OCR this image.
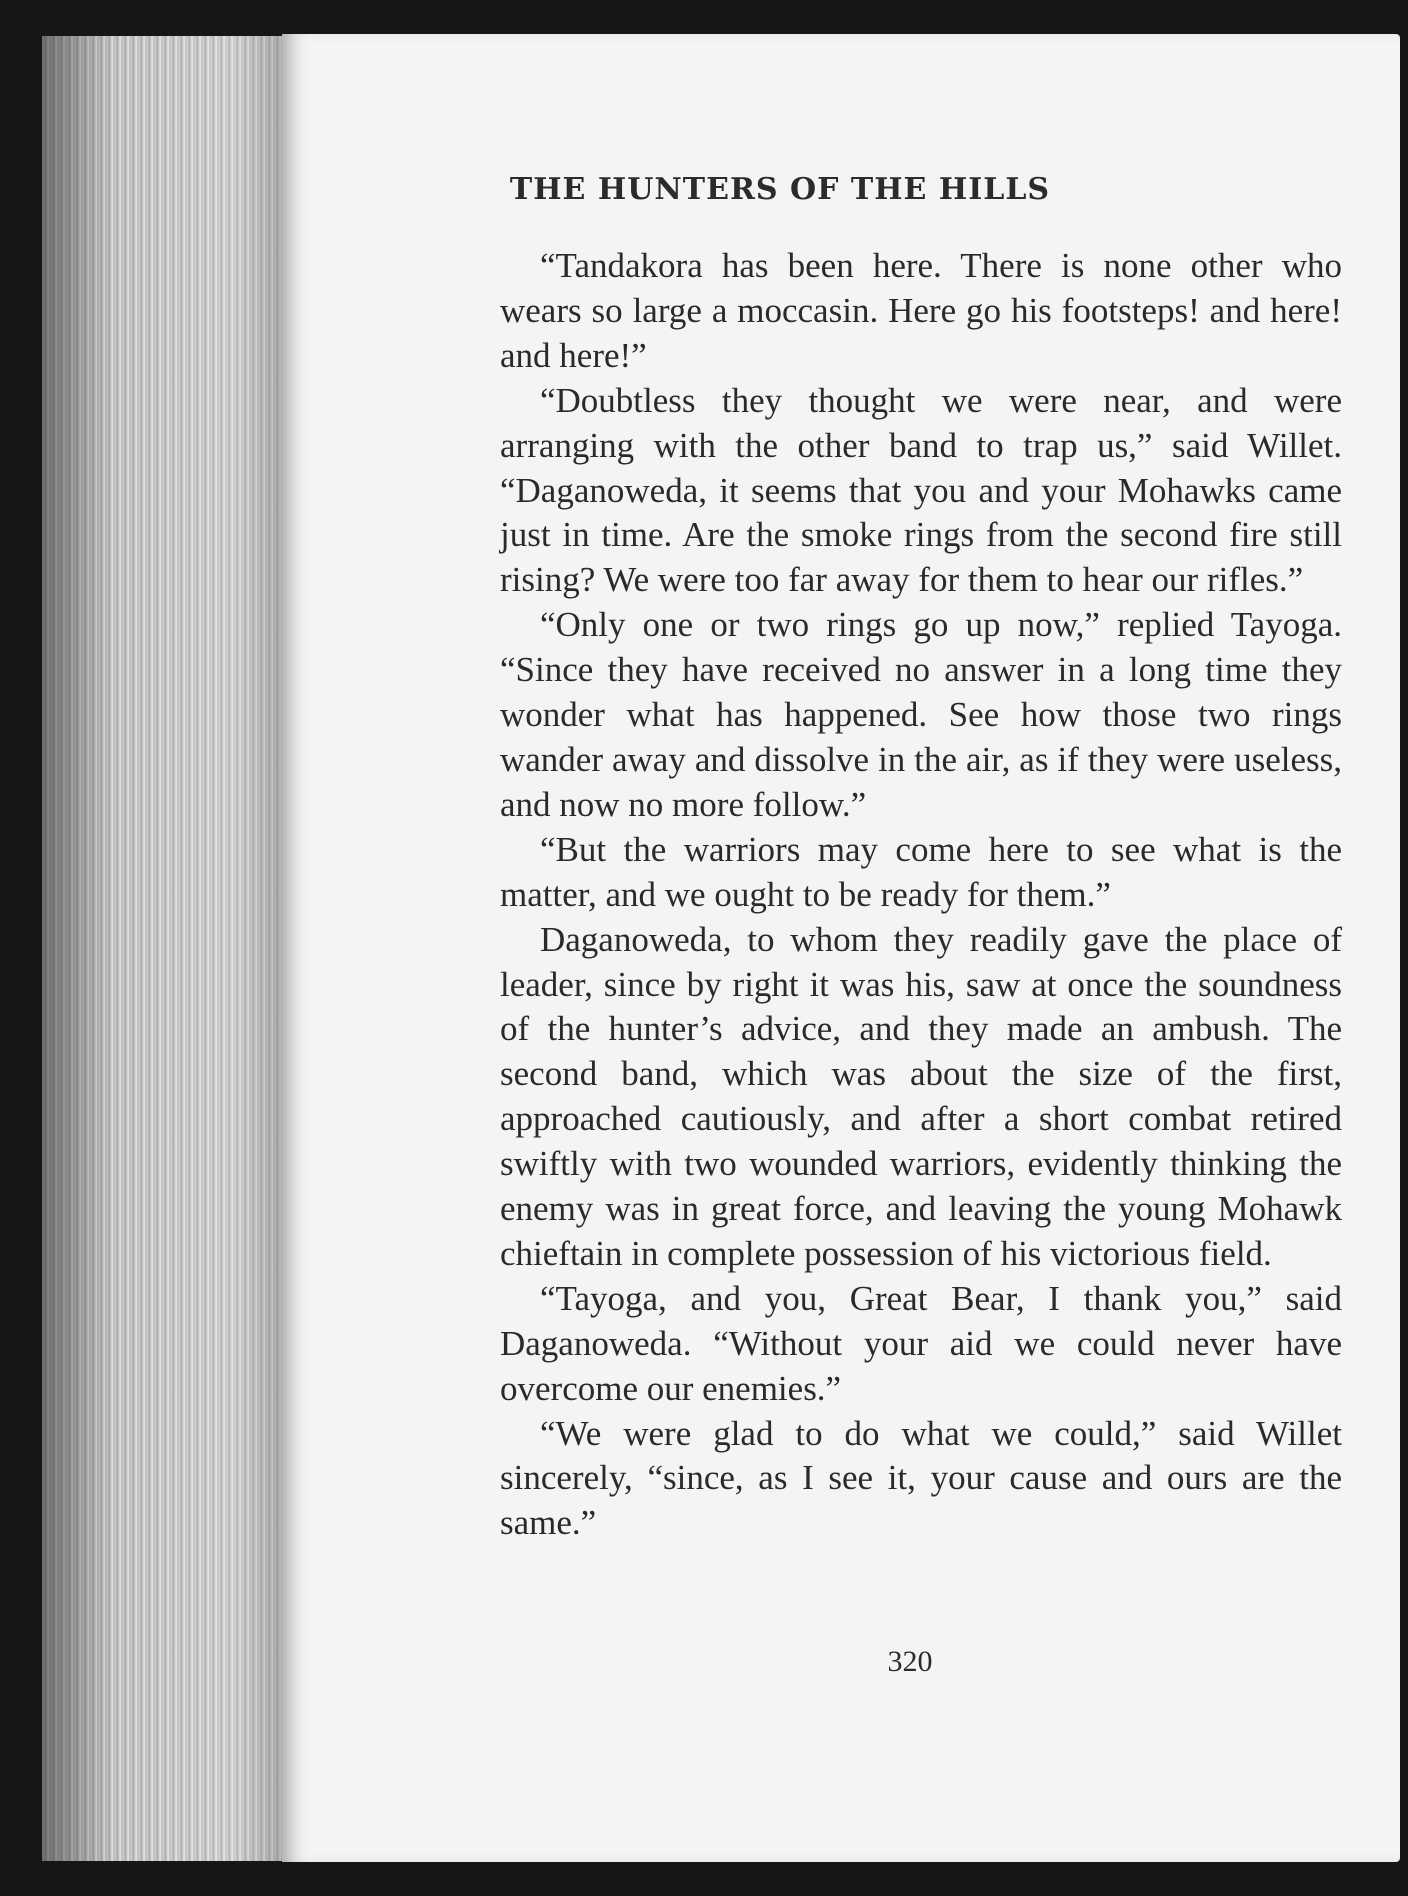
THE HUNTERS OF THE HILLS

“Tandakora has been here. There is none other who wears so large a moccasin. Here go his footsteps! and here! and here!”

“Doubtless they thought we were near, and were arranging with the other band to trap us,” said Willet. “Daganoweda, it seems that you and your Mohawks came just in time. Are the smoke rings from the second fire still rising? We were too far away for them to hear our rifles.”

“Only one or two rings go up now,” replied Tayoga. “Since they have received no answer in a long time they wonder what has happened. See how those two rings wander away and dissolve in the air, as if they were useless, and now no more follow.”

“But the warriors may come here to see what is the matter, and we ought to be ready for them.”

Daganoweda, to whom they readily gave the place of leader, since by right it was his, saw at once the soundness of the hunter’s advice, and they made an ambush. The second band, which was about the size of the first, approached cautiously, and after a short combat retired swiftly with two wounded warriors, evidently thinking the enemy was in great force, and leaving the young Mohawk chieftain in complete possession of his victorious field.

“Tayoga, and you, Great Bear, I thank you,” said Daganoweda. “Without your aid we could never have overcome our enemies.”

“We were glad to do what we could,” said Willet sincerely, “since, as I see it, your cause and ours are the same.”

320
